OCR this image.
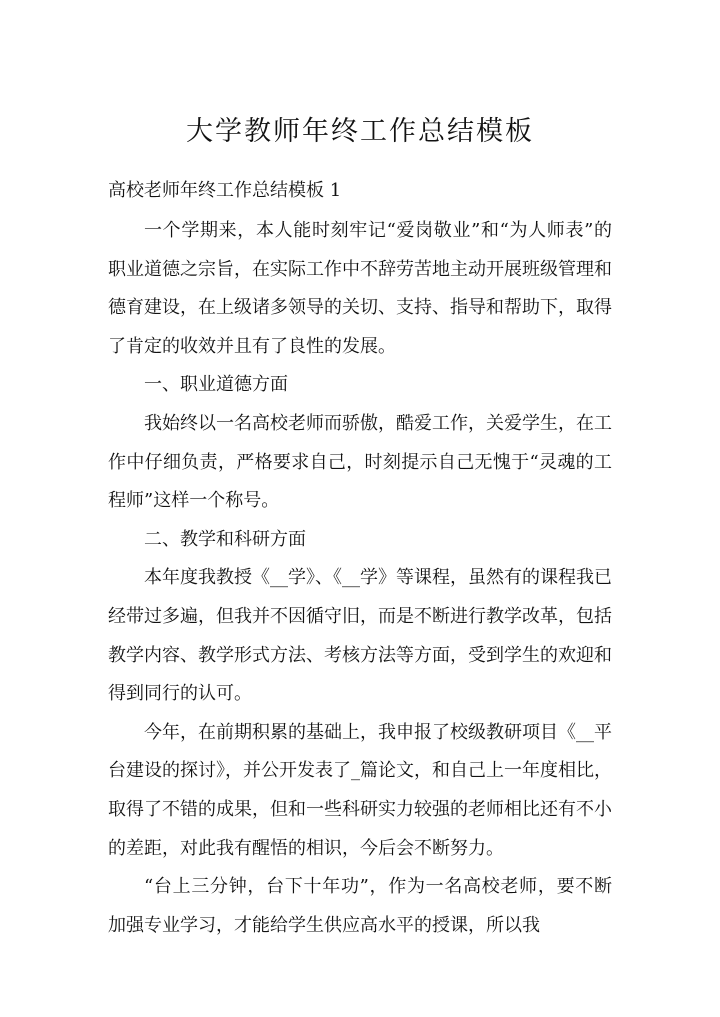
大学教师年终工作总结模板
高校老师年终工作总结模板 1

一个学期来，本人能时刻牢记“爱岗敬业”和“为人师表”的职业道德之宗旨，在实际工作中不辞劳苦地主动开展班级管理和德育建设，在上级诸多领导的关切、支持、指导和帮助下，取得了肯定的收效并且有了良性的发展。

一、职业道德方面

我始终以一名高校老师而骄傲，酷爱工作，关爱学生，在工作中仔细负责，严格要求自己，时刻提示自己无愧于“灵魂的工程师”这样一个称号。

二、教学和科研方面

本年度我教授《__学》、《__学》等课程，虽然有的课程我已经带过多遍，但我并不因循守旧，而是不断进行教学改革，包括教学内容、教学形式方法、考核方法等方面，受到学生的欢迎和得到同行的认可。

今年，在前期积累的基础上，我申报了校级教研项目《__平台建设的探讨》，并公开发表了_篇论文，和自己上一年度相比，取得了不错的成果，但和一些科研实力较强的老师相比还有不小的差距，对此我有醒悟的相识，今后会不断努力。

“台上三分钟，台下十年功”，作为一名高校老师，要不断加强专业学习，才能给学生供应高水平的授课，所以我
